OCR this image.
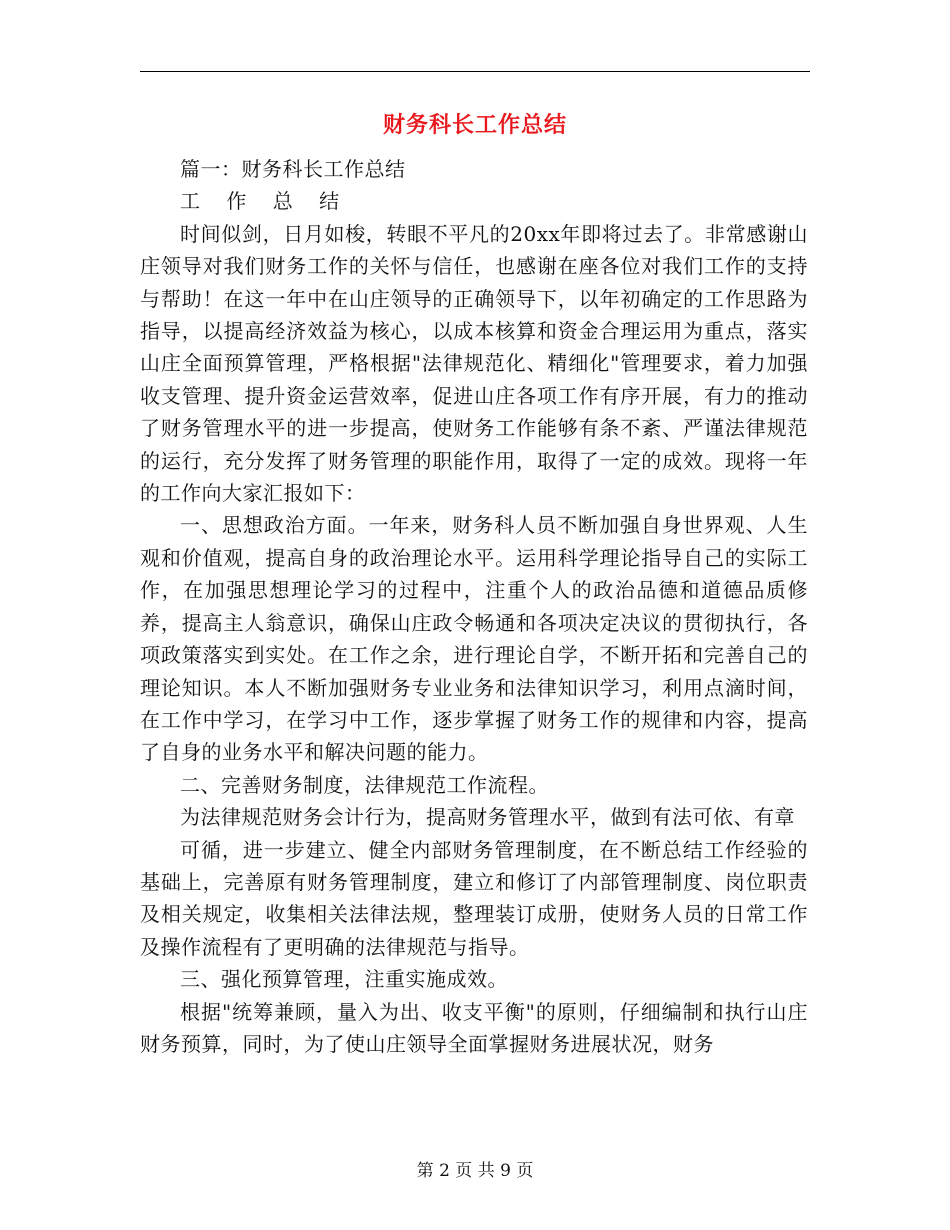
财务科长工作总结

篇一：财务科长工作总结

工 作 总 结

时间似剑，日月如梭，转眼不平凡的20xx年即将过去了。非常感谢山庄领导对我们财务工作的关怀与信任，也感谢在座各位对我们工作的支持与帮助！在这一年中在山庄领导的正确领导下，以年初确定的工作思路为指导，以提高经济效益为核心，以成本核算和资金合理运用为重点，落实山庄全面预算管理，严格根据"法律规范化、精细化"管理要求，着力加强收支管理、提升资金运营效率，促进山庄各项工作有序开展，有力的推动了财务管理水平的进一步提高，使财务工作能够有条不紊、严谨法律规范的运行，充分发挥了财务管理的职能作用，取得了一定的成效。现将一年的工作向大家汇报如下：

一、思想政治方面。一年来，财务科人员不断加强自身世界观、人生观和价值观，提高自身的政治理论水平。运用科学理论指导自己的实际工作，在加强思想理论学习的过程中，注重个人的政治品德和道德品质修养，提高主人翁意识，确保山庄政令畅通和各项决定决议的贯彻执行，各项政策落实到实处。在工作之余，进行理论自学，不断开拓和完善自己的理论知识。本人不断加强财务专业业务和法律知识学习，利用点滴时间，在工作中学习，在学习中工作，逐步掌握了财务工作的规律和内容，提高了自身的业务水平和解决问题的能力。

二、完善财务制度，法律规范工作流程。

为法律规范财务会计行为，提高财务管理水平，做到有法可依、有章

可循，进一步建立、健全内部财务管理制度，在不断总结工作经验的基础上，完善原有财务管理制度，建立和修订了内部管理制度、岗位职责及相关规定，收集相关法律法规，整理装订成册，使财务人员的日常工作及操作流程有了更明确的法律规范与指导。

三、强化预算管理，注重实施成效。

根据"统筹兼顾，量入为出、收支平衡"的原则，仔细编制和执行山庄财务预算，同时，为了使山庄领导全面掌握财务进展状况，财务

第 2 页 共 9 页
